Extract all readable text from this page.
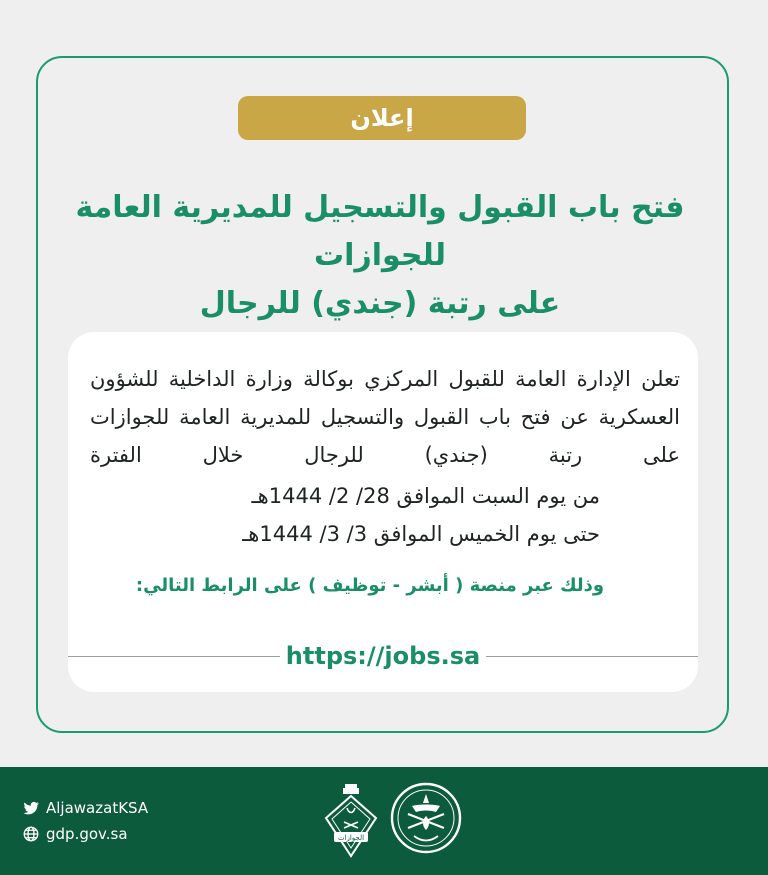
إعلان
فتح باب القبول والتسجيل للمديرية العامة للجوازات
على رتبة (جندي) للرجال
تعلن الإدارة العامة للقبول المركزي بوكالة وزارة الداخلية للشؤون العسكرية عن فتح باب القبول والتسجيل للمديرية العامة للجوازات على رتبة (جندي) للرجال خلال الفترة
من يوم السبت الموافق 28/ 2/ 1444هـ
حتى يوم الخميس الموافق 3/ 3/ 1444هـ
وذلك عبر منصة ( أبشر - توظيف ) على الرابط التالي:
https://jobs.sa
AljawazatKSA
gdp.gov.sa	الجوازات
